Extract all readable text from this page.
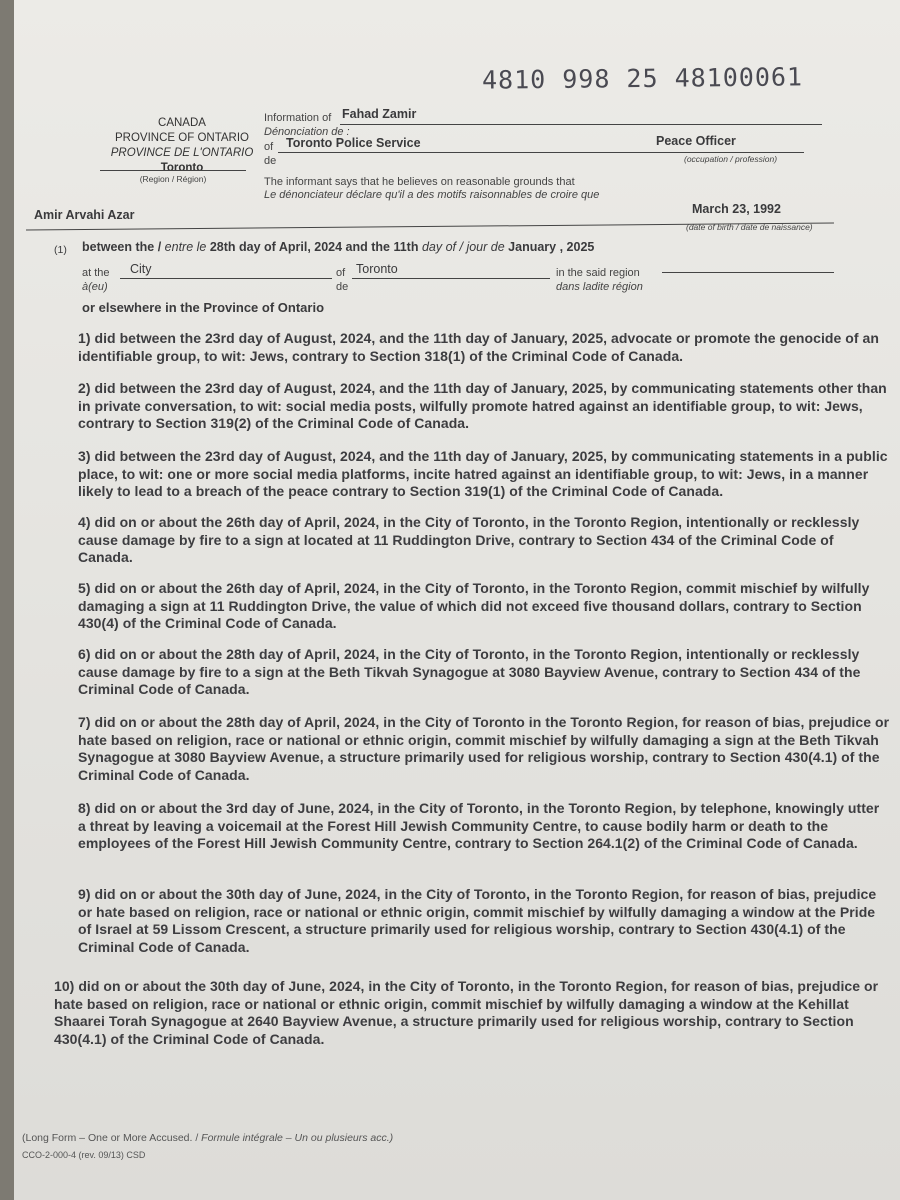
4810 998 25 48100061
CANADA
PROVINCE OF ONTARIO
PROVINCE DE L'ONTARIO
Toronto
(Region / Région)
Information of Fahad Zamir
Dénonciation de :
of
de
Toronto Police Service	Peace Officer
(occupation / profession)
The informant says that he believes on reasonable grounds that
Le dénonciateur déclare qu'il a des motifs raisonnables de croire que
Amir Arvahi Azar	March 23, 1992
(date of birth / date de naissance)
(1) between the / entre le 28th day of April, 2024 and the 11th day of / jour de January , 2025
at the
à(eu)
City	of
de
Toronto	in the said region
dans ladite région
or elsewhere in the Province of Ontario
1) did between the 23rd day of August, 2024, and the 11th day of January, 2025, advocate or promote the genocide of an identifiable group, to wit: Jews, contrary to Section 318(1) of the Criminal Code of Canada.
2) did between the 23rd day of August, 2024, and the 11th day of January, 2025, by communicating statements other than in private conversation, to wit: social media posts, wilfully promote hatred against an identifiable group, to wit: Jews, contrary to Section 319(2) of the Criminal Code of Canada.
3) did between the 23rd day of August, 2024, and the 11th day of January, 2025, by communicating statements in a public place, to wit: one or more social media platforms, incite hatred against an identifiable group, to wit: Jews, in a manner likely to lead to a breach of the peace contrary to Section 319(1) of the Criminal Code of Canada.
4) did on or about the 26th day of April, 2024, in the City of Toronto, in the Toronto Region, intentionally or recklessly cause damage by fire to a sign at located at 11 Ruddington Drive, contrary to Section 434 of the Criminal Code of Canada.
5) did on or about the 26th day of April, 2024, in the City of Toronto, in the Toronto Region, commit mischief by wilfully damaging a sign at 11 Ruddington Drive, the value of which did not exceed five thousand dollars, contrary to Section 430(4) of the Criminal Code of Canada.
6) did on or about the 28th day of April, 2024, in the City of Toronto, in the Toronto Region, intentionally or recklessly cause damage by fire to a sign at the Beth Tikvah Synagogue at 3080 Bayview Avenue, contrary to Section 434 of the Criminal Code of Canada.
7) did on or about the 28th day of April, 2024, in the City of Toronto in the Toronto Region, for reason of bias, prejudice or hate based on religion, race or national or ethnic origin, commit mischief by wilfully damaging a sign at the Beth Tikvah Synagogue at 3080 Bayview Avenue, a structure primarily used for religious worship, contrary to Section 430(4.1) of the Criminal Code of Canada.
8) did on or about the 3rd day of June, 2024, in the City of Toronto, in the Toronto Region, by telephone, knowingly utter a threat by leaving a voicemail at the Forest Hill Jewish Community Centre, to cause bodily harm or death to the employees of the Forest Hill Jewish Community Centre, contrary to Section 264.1(2) of the Criminal Code of Canada.
9) did on or about the 30th day of June, 2024, in the City of Toronto, in the Toronto Region, for reason of bias, prejudice or hate based on religion, race or national or ethnic origin, commit mischief by wilfully damaging a window at the Pride of Israel at 59 Lissom Crescent, a structure primarily used for religious worship, contrary to Section 430(4.1) of the Criminal Code of Canada.
10) did on or about the 30th day of June, 2024, in the City of Toronto, in the Toronto Region, for reason of bias, prejudice or hate based on religion, race or national or ethnic origin, commit mischief by wilfully damaging a window at the Kehillat Shaarei Torah Synagogue at 2640 Bayview Avenue, a structure primarily used for religious worship, contrary to Section 430(4.1) of the Criminal Code of Canada.
(Long Form – One or More Accused. / Formule intégrale – Un ou plusieurs acc.)
CCO-2-000-4 (rev. 09/13) CSD
